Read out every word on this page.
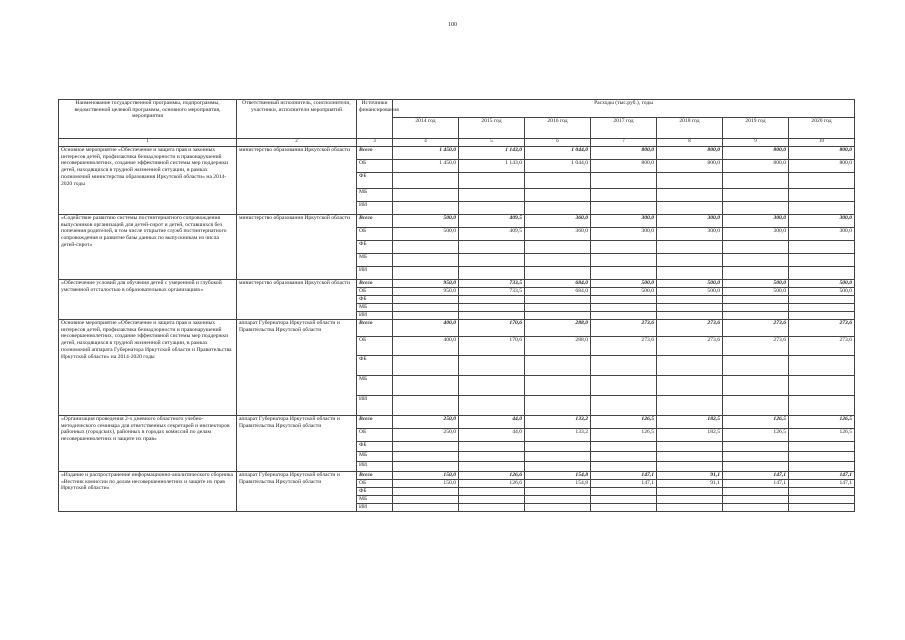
100
Наименование государственной программы, подпрограммы, ведомственной целевой программы, основного мероприятия, мероприятия	Ответственный исполнитель, соисполнители, участники, исполнители мероприятий	Источники финансирования	Расходы (тыс.руб.), годы						
			2014 год	2015 год	2016 год	2017 год	2018 год	2019 год	2020 год
1	2	3	4	5	6	7	8	9	10
Основное мероприятие «Обеспечение и защита прав и законных интересов детей, профилактика безнадзорности и правонарушений несовершеннолетних, создание эффективной системы мер поддержки детей, находящихся в трудной жизненной ситуации, в рамках полномочий министерства образования Иркутской области» на 2014-2020 годы	министерство образования Иркутской области	Всего	1 450,0	1 143,0	1 044,0	800,0	800,0	800,0	800,0
		ОБ	1 450,0	1 143,0	1 044,0	800,0	800,0	800,0	800,0
		ФБ							
		МБ							
		ИИ							
«Содействие развитию системы постинтернатного сопровождения выпускников организаций для детей-сирот и детей, оставшихся без попечения родителей, в том числе открытие служб постинтернатного сопровождения и развитие базы данных по выпускникам из числа детей-сирот»	министерство образования Иркутской области	Всего	500,0	409,5	360,0	300,0	300,0	300,0	300,0
		ОБ	500,0	409,5	360,0	300,0	300,0	300,0	300,0
		ФБ							
		МБ							
		ИИ							
«Обеспечение условий для обучения детей с умеренной и глубокой умственной отсталостью в образовательных организациях»	министерство образования Иркутской области	Всего	950,0	733,5	684,0	500,0	500,0	500,0	500,0
		ОБ	950,0	733,5	684,0	500,0	500,0	500,0	500,0
		ФБ							
		МБ							
		ИИ							
Основное мероприятие «Обеспечение и защита прав и законных интересов детей, профилактика безнадзорности и правонарушений несовершеннолетних, создание эффективной системы мер поддержки детей, находящихся в трудной жизненной ситуации, в рамках полномочий аппарата Губернатора Иркутской области и Правительства Иркутской области» на 2014-2020 годы	аппарат Губернатора Иркутской области и Правительства Иркутской области	Всего	400,0	170,6	288,0	273,6	273,6	273,6	273,6
		ОБ	400,0	170,6	288,0	273,6	273,6	273,6	273,6
		ФБ							
		МБ							
		ИИ							
«Организация проведения 2-х дневного областного учебно-методического семинара для ответственных секретарей и инспекторов районных (городских), районных в городах комиссий по делам несовершеннолетних и защите их прав»	аппарат Губернатора Иркутской области и Правительства Иркутской области	Всего	250,0	44,0	133,2	126,5	182,5	126,5	126,5
		ОБ	250,0	44,0	133,2	126,5	182,5	126,5	126,5
		ФБ							
		МБ							
		ИИ							
«Издание и распространение информационно-аналитического сборника «Вестник комиссии по делам несовершеннолетних и защите их прав Иркутской области»	аппарат Губернатора Иркутской области и Правительства Иркутской области	Всего	150,0	126,6	154,8	147,1	91,1	147,1	147,1
		ОБ	150,0	126,6	154,8	147,1	91,1	147,1	147,1
		ФБ							
		МБ							
		ИИ							
